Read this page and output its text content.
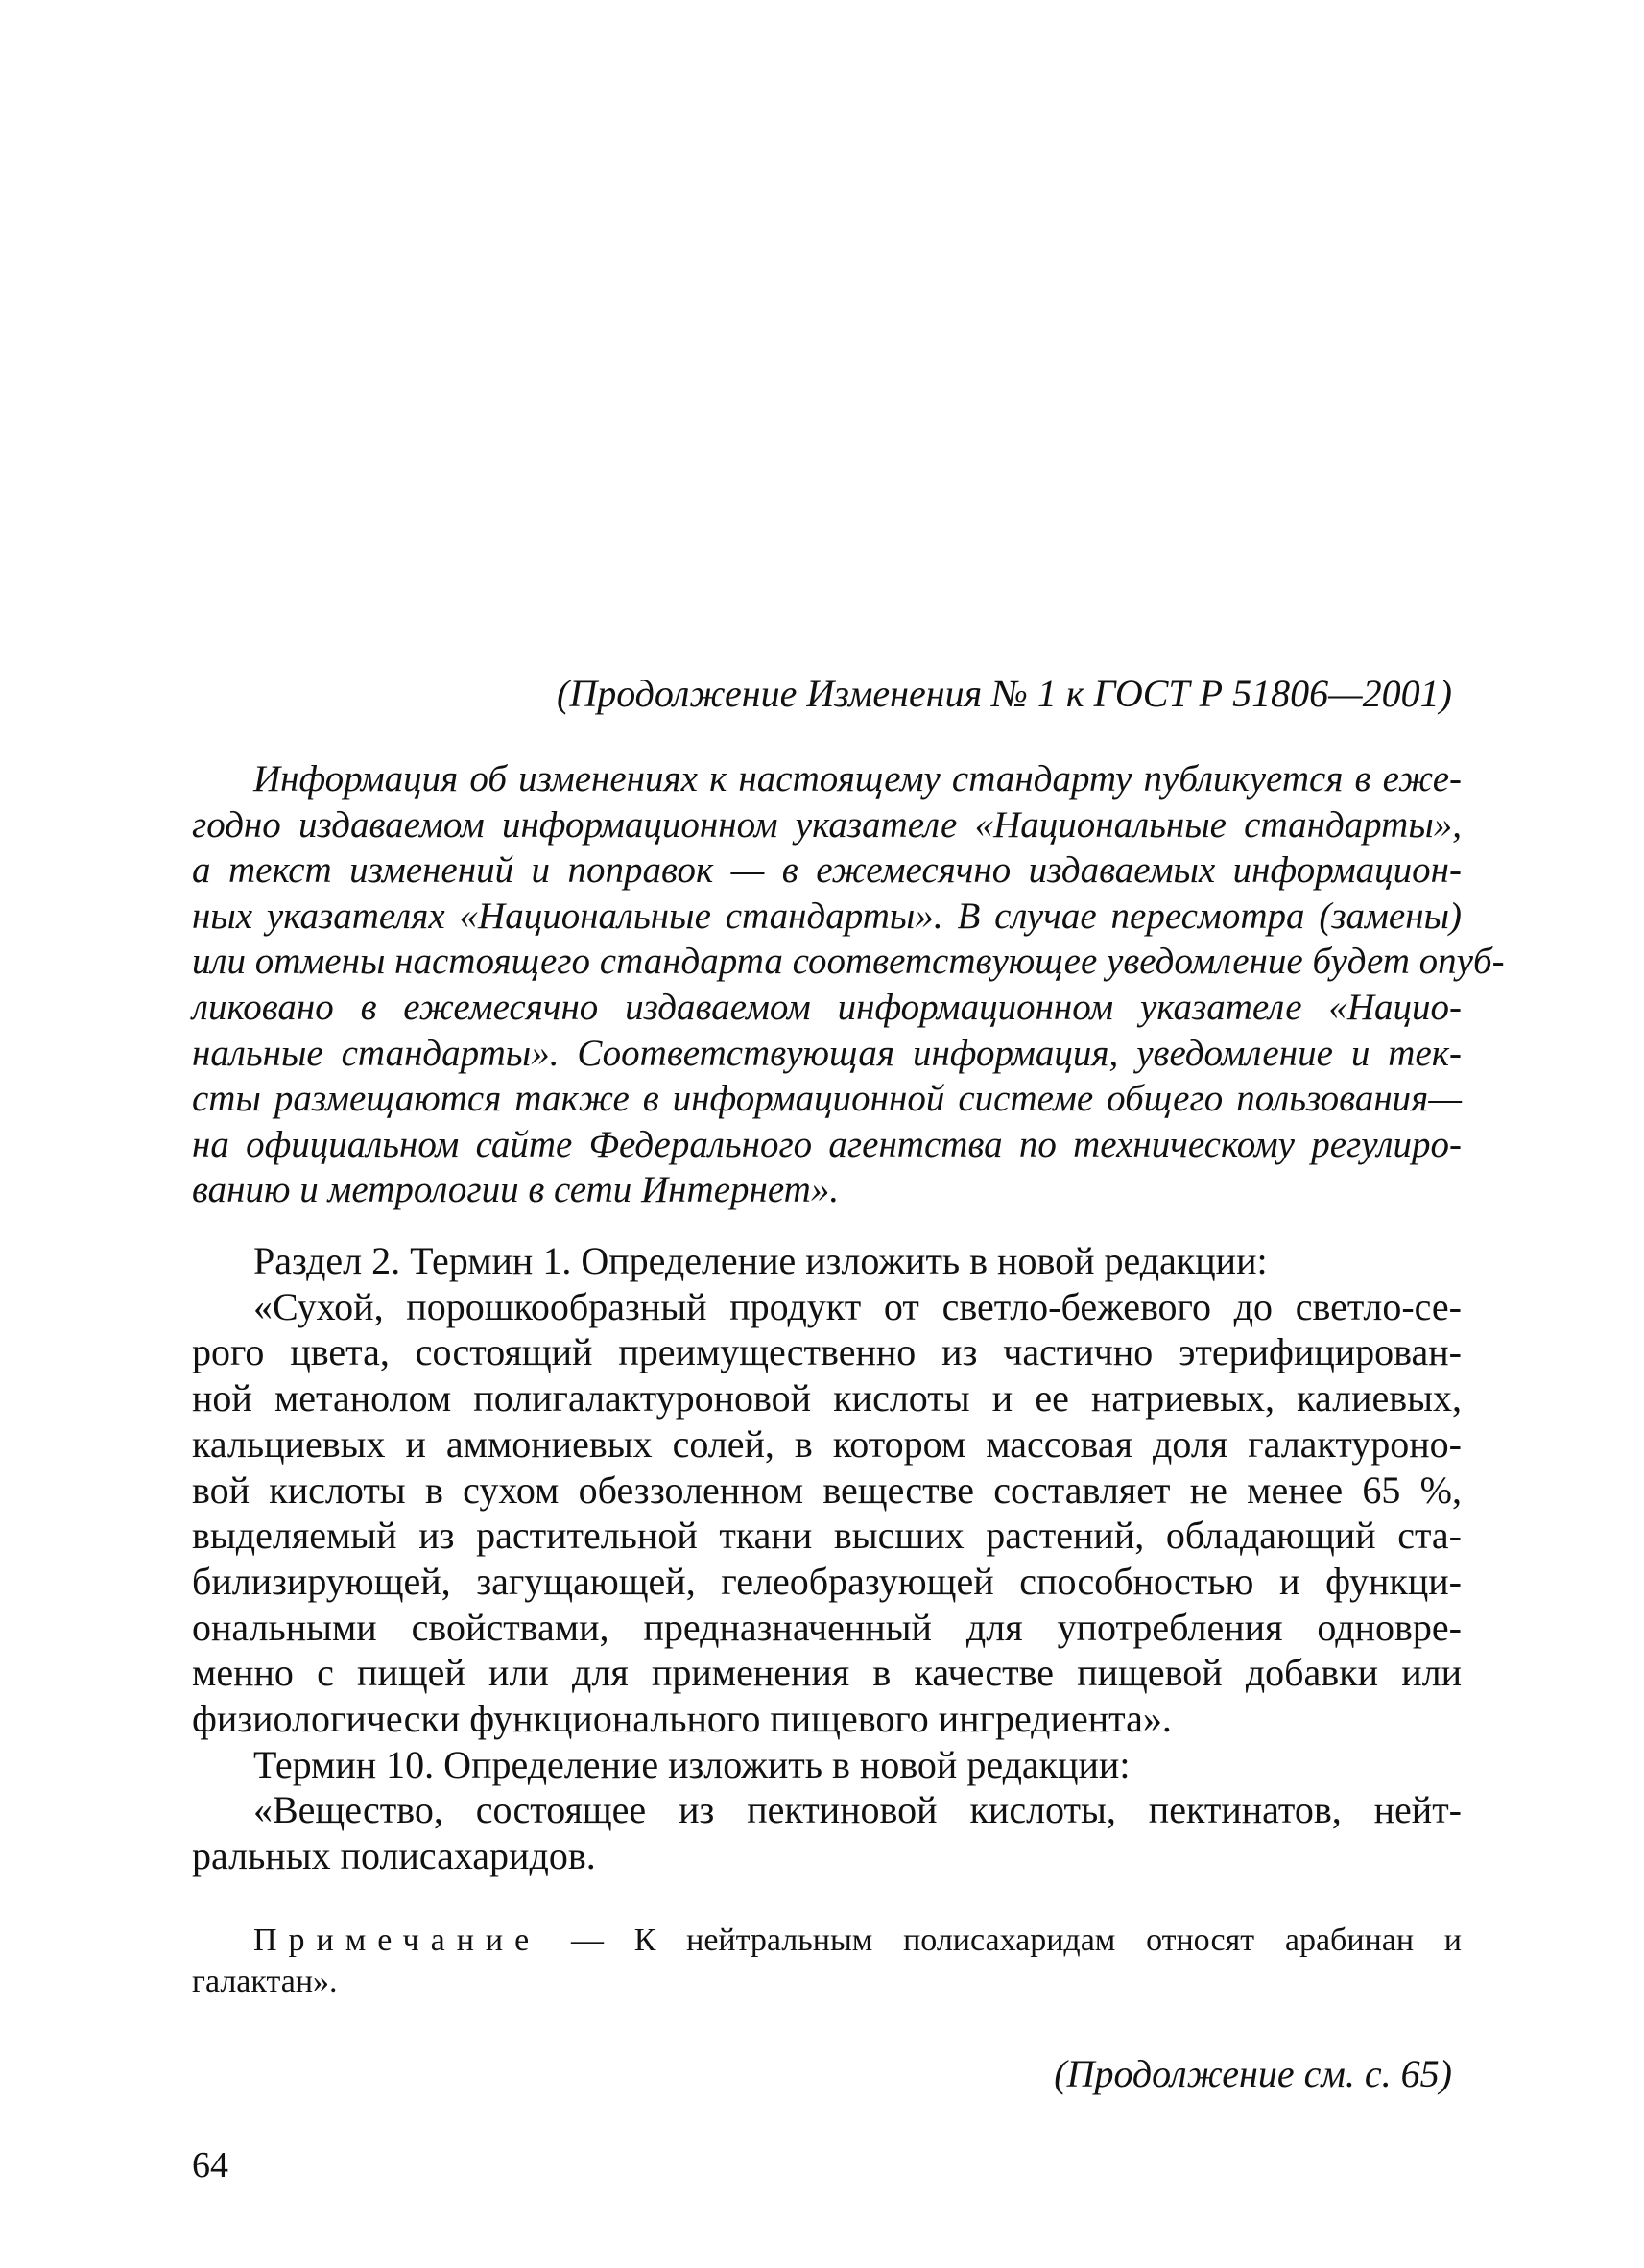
(Продолжение Изменения № 1 к ГОСТ Р 51806—2001)

Информация об изменениях к настоящему стандарту публикуется в еже-
годно издаваемом информационном указателе «Национальные стандарты»,
а текст изменений и поправок — в ежемесячно издаваемых информацион-
ных указателях «Национальные стандарты». В случае пересмотра (замены)
или отмены настоящего стандарта соответствующее уведомление будет опуб-
ликовано в ежемесячно издаваемом информационном указателе «Нацио-
нальные стандарты». Соответствующая информация, уведомление и тек-
сты размещаются также в информационной системе общего пользования—
на официальном сайте Федерального агентства по техническому регулиро-
ванию и метрологии в сети Интернет».
Раздел 2. Термин 1. Определение изложить в новой редакции:
«Сухой, порошкообразный продукт от светло-бежевого до светло-се-
рого цвета, состоящий преимущественно из частично этерифицирован-
ной метанолом полигалактуроновой кислоты и ее натриевых, калиевых,
кальциевых и аммониевых солей, в котором массовая доля галактуроно-
вой кислоты в сухом обеззоленном веществе составляет не менее 65 %,
выделяемый из растительной ткани высших растений, обладающий ста-
билизирующей, загущающей, гелеобразующей способностью и функци-
ональными свойствами, предназначенный для употребления одновре-
менно с пищей или для применения в качестве пищевой добавки или
физиологически функционального пищевого ингредиента».
Термин 10. Определение изложить в новой редакции:
«Вещество, состоящее из пектиновой кислоты, пектинатов, нейт-
ральных полисахаридов.
Примечание — К нейтральным полисахаридам относят арабинан и
галактан».

(Продолжение см. с. 65)

64
